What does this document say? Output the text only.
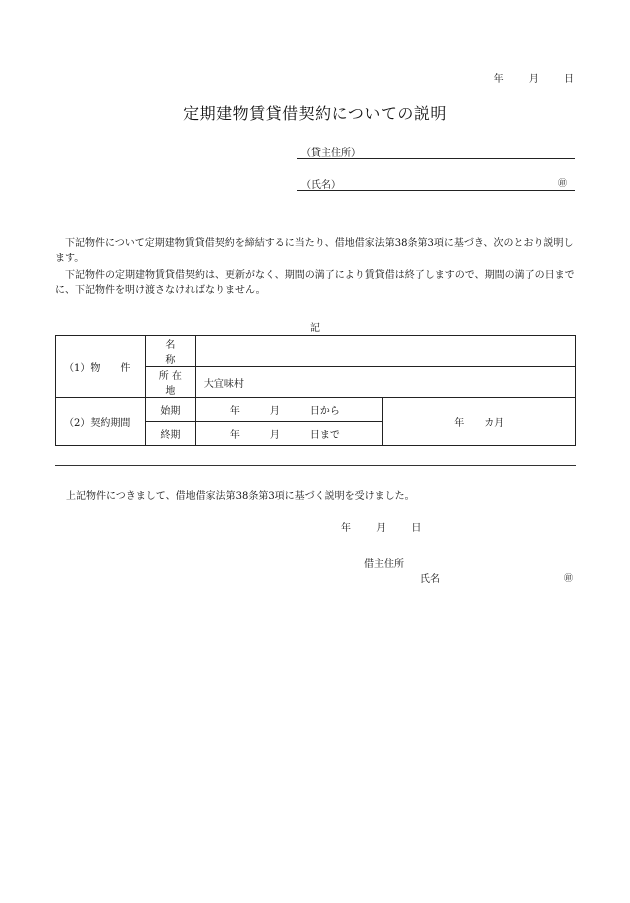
年	月	日
定期建物賃貸借契約についての説明
（貸主住所）
（氏名）	㊞
下記物件について定期建物賃貸借契約を締結するに当たり、借地借家法第38条第3項に基づき、次のとおり説明します。
下記物件の定期建物賃貸借契約は、更新がなく、期間の満了により賃貸借は終了しますので、期間の満了の日までに、下記物件を明け渡さなければなりません。
記
（1）物　　件	名　　称		
	所 在 地	大宜味村	
（2）契約期間	始期	年　　　月　　　日から	年　　カ月
	終期	年　　　月　　　日まで	
上記物件につきまして、借地借家法第38条第3項に基づく説明を受けました。
年	月	日
借主住所
氏名	㊞
